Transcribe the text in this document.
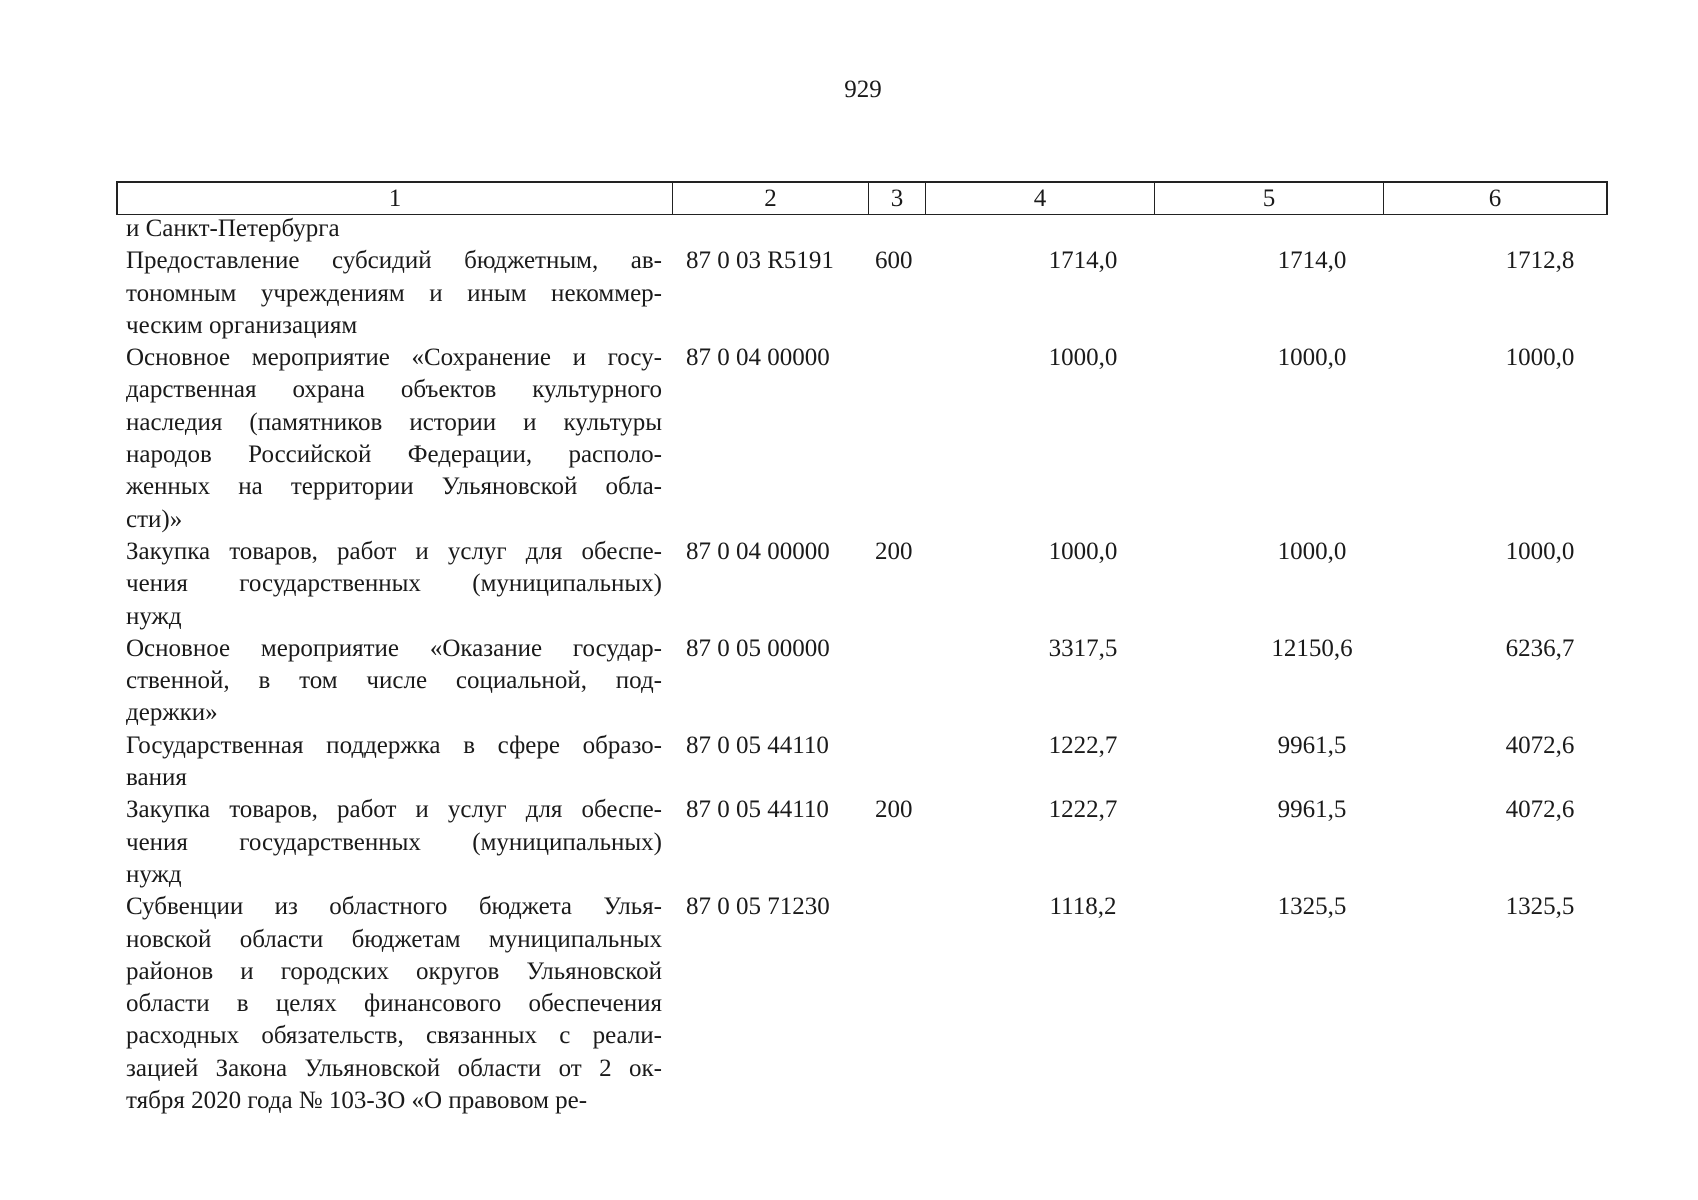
929
1	2	3	4	5	6
и Санкт-Петербурга
Предоставление субсидий бюджетным, ав-
тономным учреждениям и иным некоммер-
ческим организациям
87 0 03 R5191 600	1714,0	1714,0	1712,8
Основное мероприятие «Сохранение и госу-
дарственная охрана объектов культурного
наследия (памятников истории и культуры
народов Российской Федерации, располо-
женных на территории Ульяновской обла-
сти)»
87 0 04 00000	1000,0	1000,0	1000,0
Закупка товаров, работ и услуг для обеспе-
чения государственных (муниципальных)
нужд
87 0 04 00000 200	1000,0	1000,0	1000,0
Основное мероприятие «Оказание государ-
ственной, в том числе социальной, под-
держки»
87 0 05 00000	3317,5	12150,6	6236,7
Государственная поддержка в сфере образо-
вания
87 0 05 44110	1222,7	9961,5	4072,6
Закупка товаров, работ и услуг для обеспе-
чения государственных (муниципальных)
нужд
87 0 05 44110 200	1222,7	9961,5	4072,6
Субвенции из областного бюджета Улья-
новской области бюджетам муниципальных
районов и городских округов Ульяновской
области в целях финансового обеспечения
расходных обязательств, связанных с реали-
зацией Закона Ульяновской области от 2 ок-
тября 2020 года № 103-ЗО «О правовом ре-
87 0 05 71230	1118,2	1325,5	1325,5
